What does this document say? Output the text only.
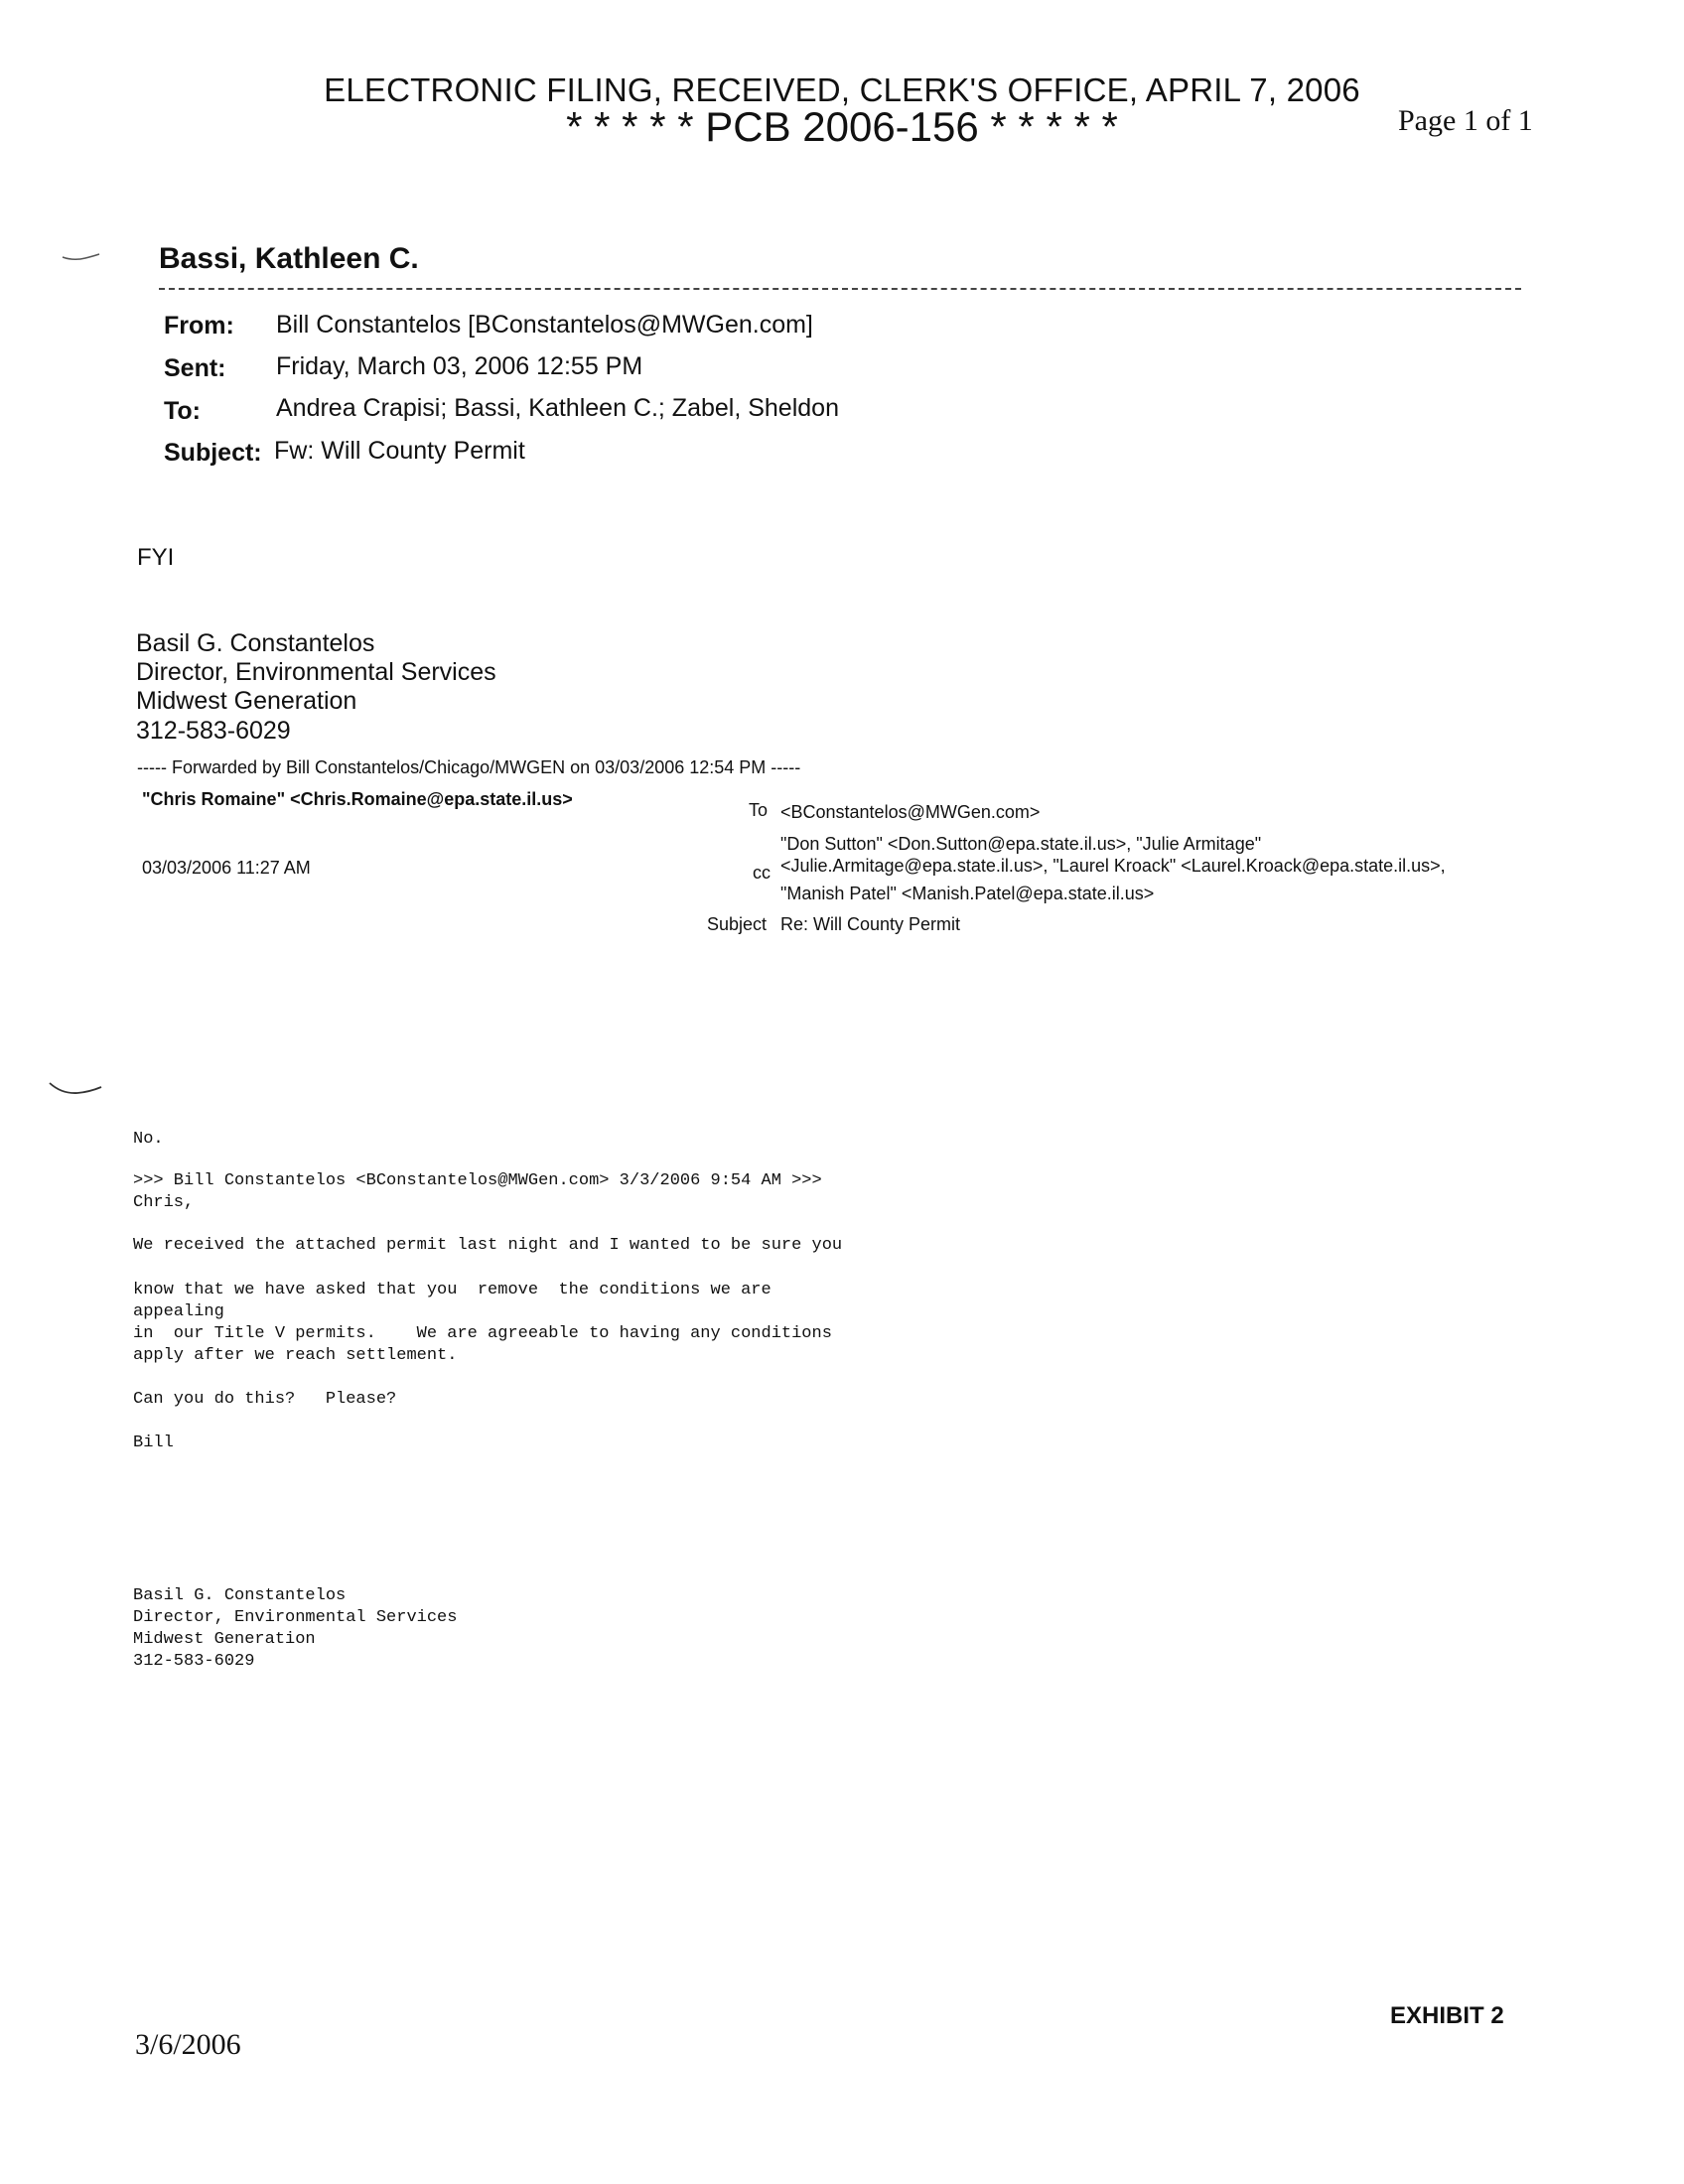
ELECTRONIC FILING, RECEIVED, CLERK'S OFFICE, APRIL 7, 2006
* * * * * PCB 2006-156 * * * * *	Page 1 of 1
Bassi, Kathleen C.
From: Bill Constantelos [BConstantelos@MWGen.com]
Sent: Friday, March 03, 2006 12:55 PM
To:	Andrea Crapisi; Bassi, Kathleen C.; Zabel, Sheldon
Subject: Fw: Will County Permit
FYI
Basil G. Constantelos
Director, Environmental Services
Midwest Generation
312-583-6029
----- Forwarded by Bill Constantelos/Chicago/MWGEN on 03/03/2006 12:54 PM -----
"Chris Romaine" <Chris.Romaine@epa.state.il.us>
03/03/2006 11:27 AM
To <BConstantelos@MWGen.com>
cc
"Don Sutton" <Don.Sutton@epa.state.il.us>, "Julie Armitage"
<Julie.Armitage@epa.state.il.us>, "Laurel Kroack" <Laurel.Kroack@epa.state.il.us>,
"Manish Patel" <Manish.Patel@epa.state.il.us>
Subject Re: Will County Permit
No.
>>> Bill Constantelos <BConstantelos@MWGen.com> 3/3/2006 9:54 AM >>>
Chris,
We received the attached permit last night and I wanted to be sure you
know that we have asked that you  remove  the conditions we are
appealing
in  our Title V permits.    We are agreeable to having any conditions
apply after we reach settlement.
Can you do this?   Please?
Bill
Basil G. Constantelos
Director, Environmental Services
Midwest Generation
312-583-6029
EXHIBIT 2
3/6/2006
